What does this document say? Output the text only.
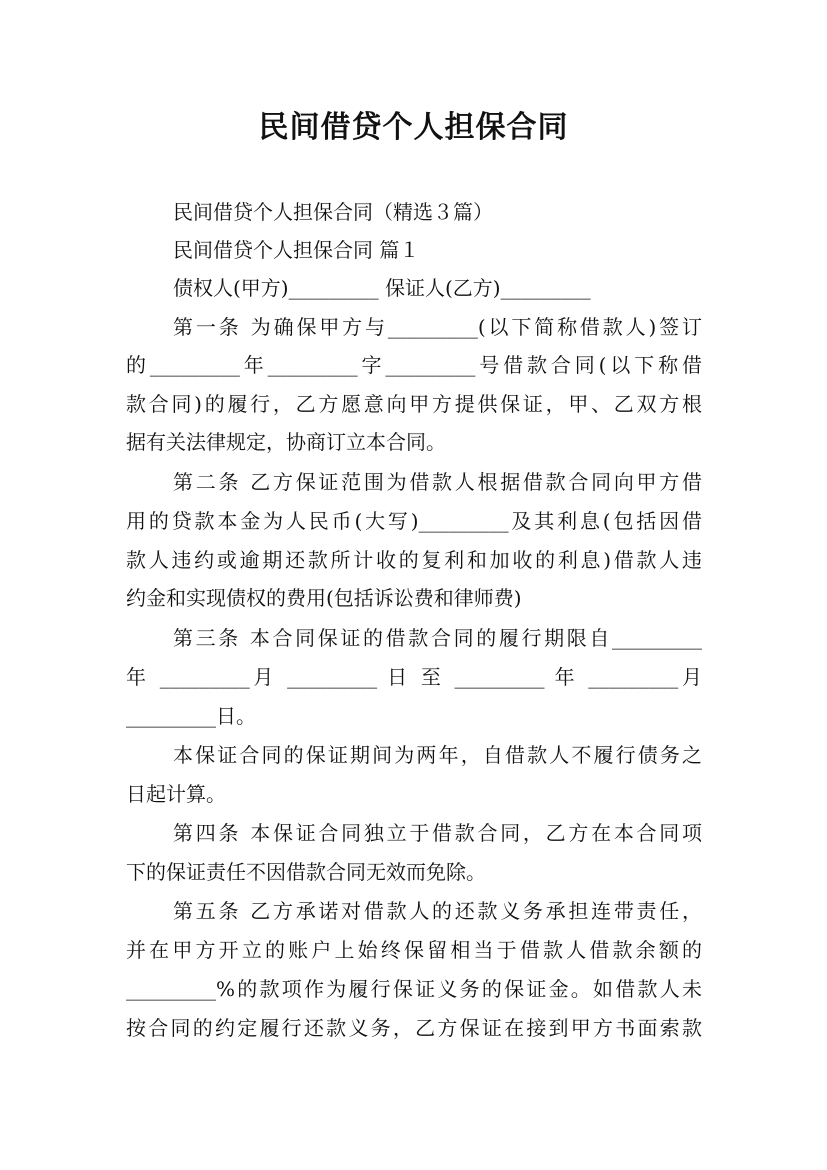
民间借贷个人担保合同
民间借贷个人担保合同（精选３篇）
民间借贷个人担保合同 篇１
债权人(甲方)_________ 保证人(乙方)_________
第一条 为确保甲方与_________(以下简称借款人)签订
的_________年_________字_________号借款合同(以下称借
款合同)的履行，乙方愿意向甲方提供保证，甲、乙双方根
据有关法律规定，协商订立本合同。
第二条 乙方保证范围为借款人根据借款合同向甲方借
用的贷款本金为人民币(大写)_________及其利息(包括因借
款人违约或逾期还款所计收的复利和加收的利息)借款人违
约金和实现债权的费用(包括诉讼费和律师费)
第三条 本合同保证的借款合同的履行期限自_________
年 _________月 _________ 日 至 _________ 年 _________月
_________日。
本保证合同的保证期间为两年，自借款人不履行债务之
日起计算。
第四条 本保证合同独立于借款合同，乙方在本合同项
下的保证责任不因借款合同无效而免除。
第五条 乙方承诺对借款人的还款义务承担连带责任，
并在甲方开立的账户上始终保留相当于借款人借款余额的
_________%的款项作为履行保证义务的保证金。如借款人未
按合同的约定履行还款义务，乙方保证在接到甲方书面索款
